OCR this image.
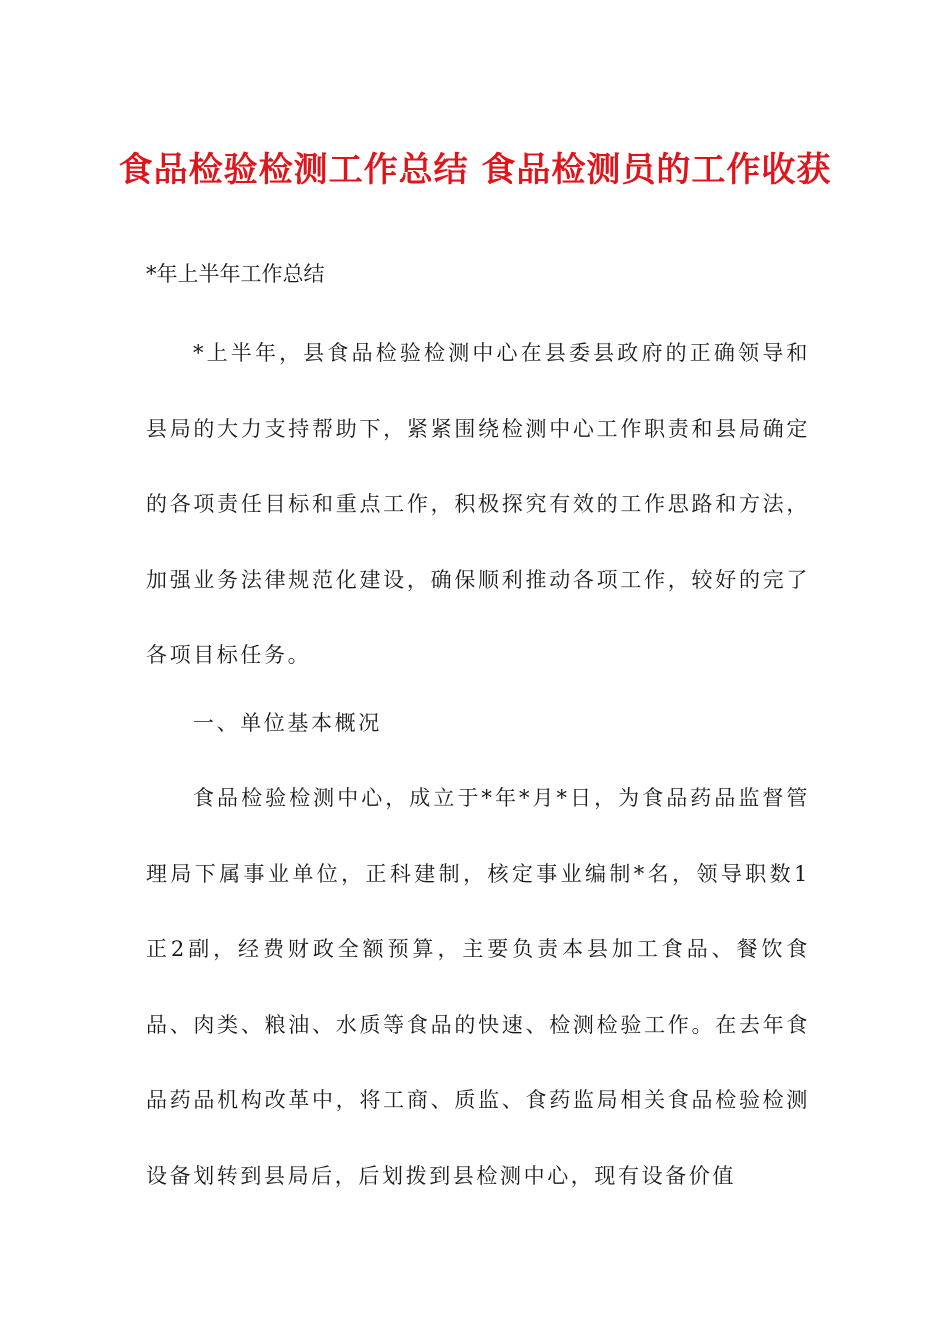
食品检验检测工作总结 食品检测员的工作收获

*年上半年工作总结

*上半年，县食品检验检测中心在县委县政府的正确领导和县局的大力支持帮助下，紧紧围绕检测中心工作职责和县局确定的各项责任目标和重点工作，积极探究有效的工作思路和方法，加强业务法律规范化建设，确保顺利推动各项工作，较好的完了各项目标任务。

一、单位基本概况

食品检验检测中心，成立于*年*月*日，为食品药品监督管理局下属事业单位，正科建制，核定事业编制*名，领导职数1正2副，经费财政全额预算，主要负责本县加工食品、餐饮食品、肉类、粮油、水质等食品的快速、检测检验工作。在去年食品药品机构改革中，将工商、质监、食药监局相关食品检验检测设备划转到县局后，后划拨到县检测中心，现有设备价值
